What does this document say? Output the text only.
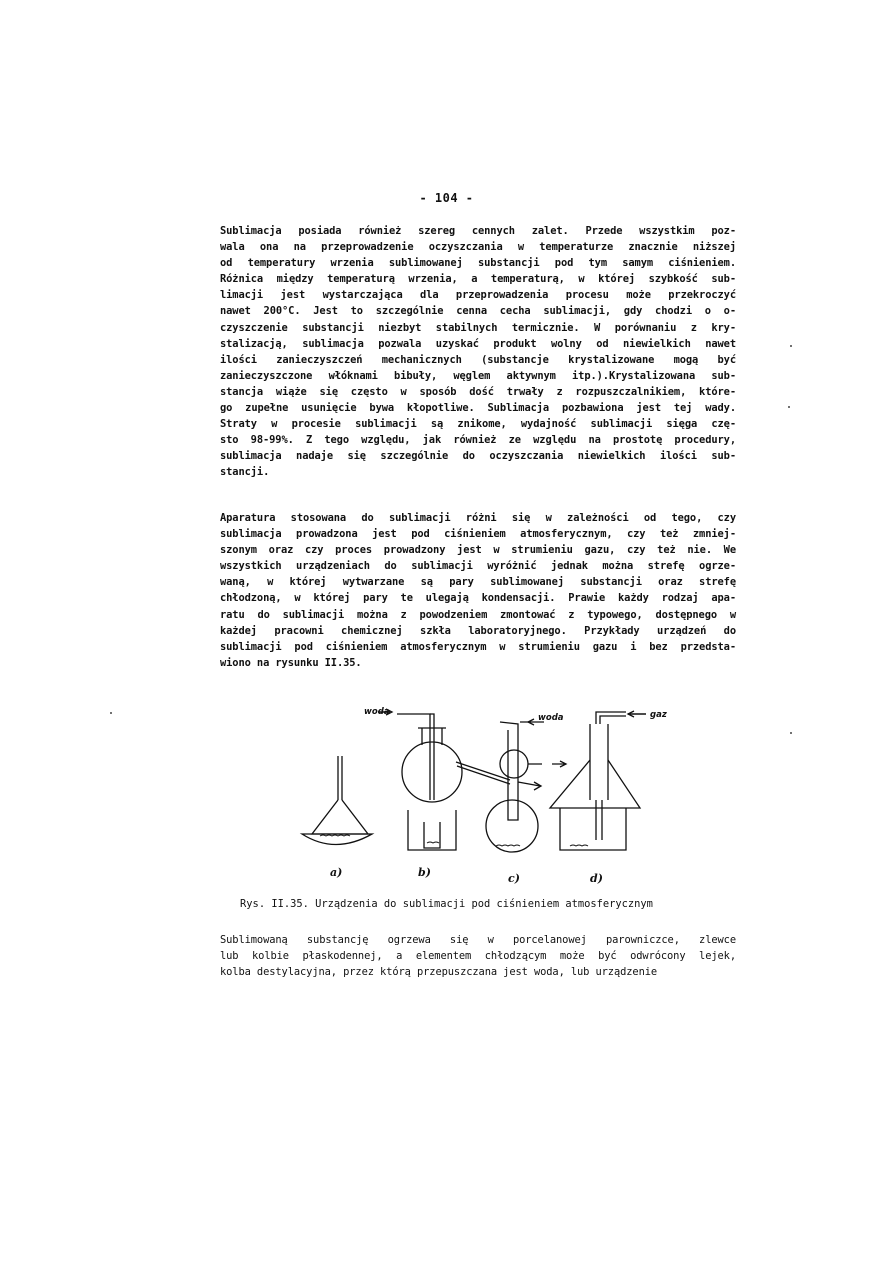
- 104 -
Sublimacja posiada również szereg cennych zalet. Przede wszystkim poz-
wala ona na przeprowadzenie oczyszczania w temperaturze znacznie niższej
od temperatury wrzenia sublimowanej substancji pod tym samym ciśnieniem.
Różnica między temperaturą wrzenia, a temperaturą, w której szybkość sub-
limacji jest wystarczająca dla przeprowadzenia procesu może przekroczyć
nawet 200°C. Jest to szczególnie cenna cecha sublimacji, gdy chodzi o o-
czyszczenie substancji niezbyt stabilnych termicznie. W porównaniu z kry-
stalizacją, sublimacja pozwala uzyskać produkt wolny od niewielkich nawet
ilości zanieczyszczeń mechanicznych (substancje krystalizowane mogą być
zanieczyszczone włóknami bibuły, węglem aktywnym itp.).Krystalizowana sub-
stancja wiąże się często w sposób dość trwały z rozpuszczalnikiem, które-
go zupełne usunięcie bywa kłopotliwe. Sublimacja pozbawiona jest tej wady.
Straty w procesie sublimacji są znikome, wydajność sublimacji sięga czę-
sto 98-99%. Z tego względu, jak również ze względu na prostotę procedury,
sublimacja nadaje się szczególnie do oczyszczania niewielkich ilości sub-
stancji.
Aparatura stosowana do sublimacji różni się w zależności od tego, czy
sublimacja prowadzona jest pod ciśnieniem atmosferycznym, czy też zmniej-
szonym oraz czy proces prowadzony jest w strumieniu gazu, czy też nie. We
wszystkich urządzeniach do sublimacji wyróżnić jednak można strefę ogrze-
waną, w której wytwarzane są pary sublimowanej substancji oraz strefę
chłodzoną, w której pary te ulegają kondensacji. Prawie każdy rodzaj apa-
ratu do sublimacji można z powodzeniem zmontować z typowego, dostępnego w
każdej pracowni chemicznej szkła laboratoryjnego. Przykłady urządzeń do
sublimacji pod ciśnieniem atmosferycznym w strumieniu gazu i bez przedsta-
wiono na rysunku II.35.
woda
woda	gaz
a)	b)	c)	d)
Rys. II.35. Urządzenia do sublimacji pod ciśnieniem atmosferycznym
Sublimowaną substancję ogrzewa się w porcelanowej parowniczce, zlewce
lub kolbie płaskodennej, a elementem chłodzącym może być odwrócony lejek,
kolba destylacyjna, przez którą przepuszczana jest woda, lub urządzenie
